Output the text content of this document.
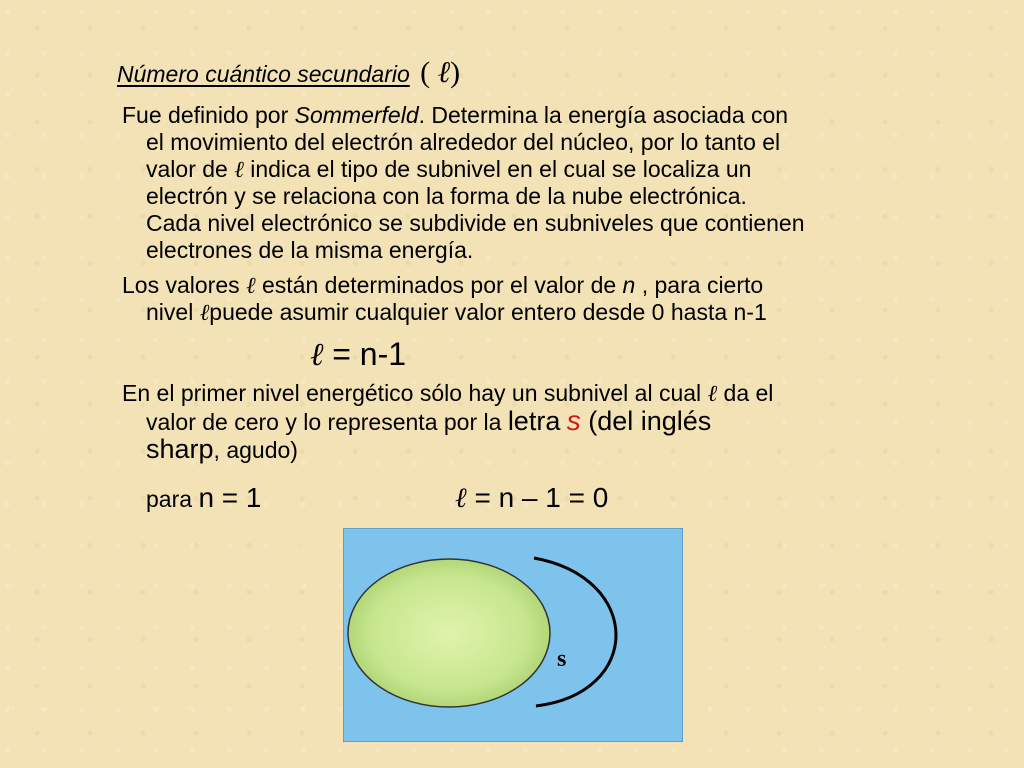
Número cuántico secundario ( ℓ)
Fue definido por Sommerfeld. Determina la energía asociada con
el movimiento del electrón alrededor del núcleo, por lo tanto el
valor de ℓ indica el tipo de subnivel en el cual se localiza un
electrón y se relaciona con la forma de la nube electrónica.
Cada nivel electrónico se subdivide en subniveles que contienen
electrones de la misma energía.
Los valores ℓ están determinados por el valor de n , para cierto
nivel ℓpuede asumir cualquier valor entero desde 0 hasta n-1
ℓ = n-1
En el primer nivel energético sólo hay un subnivel al cual ℓ da el
valor de cero y lo representa por la letra s (del inglés
sharp, agudo)
para n = 1	ℓ = n – 1 = 0
s
